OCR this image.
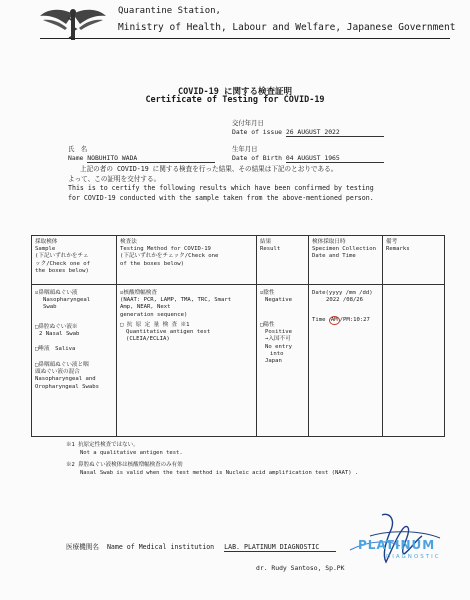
Quarantine Station,
Ministry of Health, Labour and Welfare, Japanese Government
COVID-19 に関する検査証明
Certificate of Testing for COVID-19
交付年月日
Date of issue 26 AUGUST 2022
氏　名
Name NOBUHITO WADA
生年月日
Date of Birth 04 AUGUST 1965
上記の者の COVID-19 に関する検査を行った結果、その結果は下記のとおりである。
よって、この証明を交付する。
This is to certify the following results which have been confirmed by testing
for COVID-19 conducted with the sample taken from the above-mentioned person.
採取検体
Sample
(下記いずれかをチェ
ック/Check one of
the boxes below)
検査法
Testing Method for COVID-19
(下記いずれかをチェック/Check one
of the boxes below)
結果
Result
検体採取日時
Specimen Collection
Date and Time
備考
Remarks
☑鼻咽頭ぬぐい液
Nasopharyngeal
Swab
□鼻腔ぬぐい液※
2 Nasal Swab
□唾液　Saliva
□鼻咽頭ぬぐい液と咽
頭ぬぐい液の混合
Nasopharyngeal and
Oropharyngeal Swabs
☑核酸増幅検査
(NAAT: PCR, LAMP, TMA, TRC, Smart
Amp, NEAR, Next
generation sequence)
□ 抗 原 定 量 検 査 ※1
Quantitative antigen test
(CLEIA/ECLIA)
☑陰性
Negative
□陽性
Positive
→入国不可
No entry
into
Japan
Date(yyyy /mm /dd)
2022 /08/26
Time AM /PM:10:27
※1 抗原定性検査ではない。
Not a qualitative antigen test.
※2 鼻腔ぬぐい液検体は核酸増幅検査のみ有効
Nasal Swab is valid when the test method is Nucleic acid amplification test (NAAT) .
医療機関名 Name of Medical institution LAB. PLATINUM DIAGNOSTIC
dr. Rudy Santoso, Sp.PK
PLATINUM
DIAGNOSTIC
